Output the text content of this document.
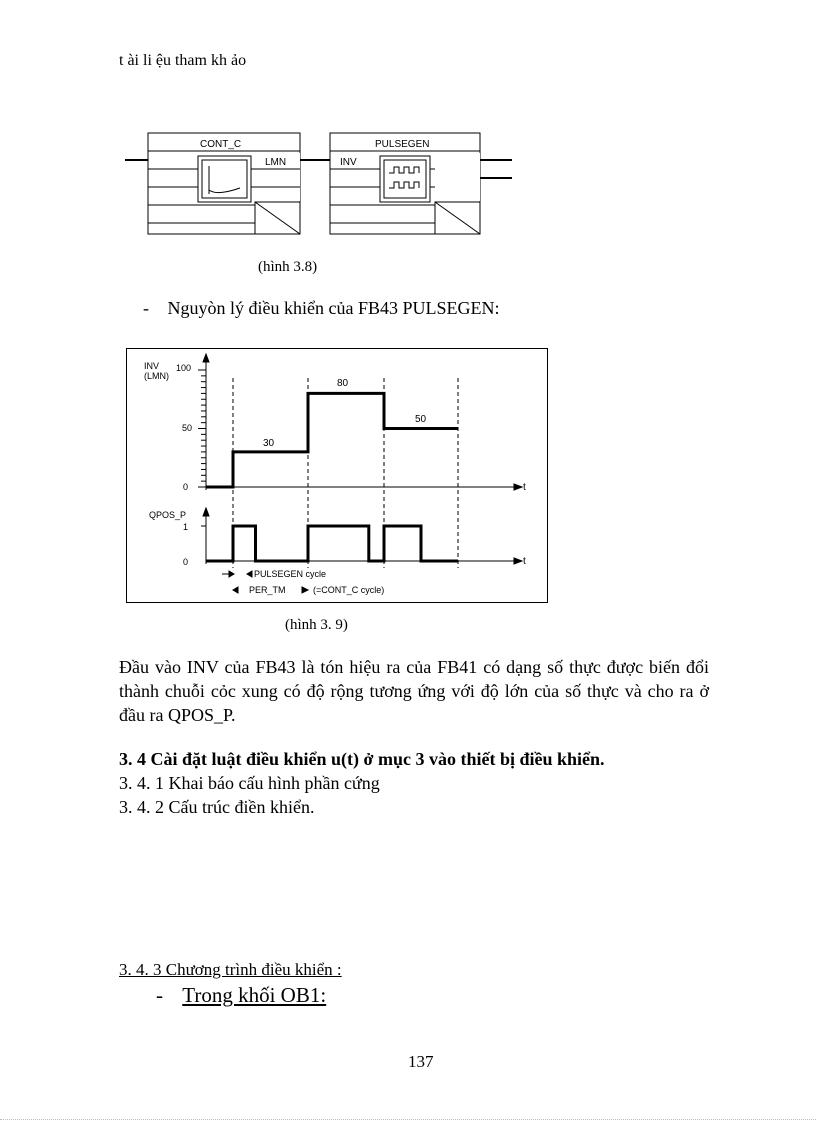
t ài li ệu tham kh ảo
CONT_C
LMN
PULSEGEN
INV
(hình 3.8)
- Nguyòn lý điều khiển của FB43 PULSEGEN:
INV
(LMN)
100
50
0	t
30
80
50
QPOS_P
1
0	t
PULSEGEN cycle
PER_TM	(=CONT_C cycle)
(hình 3. 9)
Đầu vào INV của FB43 là tón hiệu ra của FB41 có dạng số thực được biến đổi thành chuỗi cỏc xung có độ rộng tương ứng với độ lớn của số thực và cho ra ở đầu ra QPOS_P.
3. 4 Cài đặt luật điều khiển u(t) ở mục 3 vào thiết bị điều khiển.
3. 4. 1 Khai báo cấu hình phần cứng
3. 4. 2 Cấu trúc điền khiển.
3. 4. 3 Chương trình điều khiển :
- Trong khối OB1:
137
